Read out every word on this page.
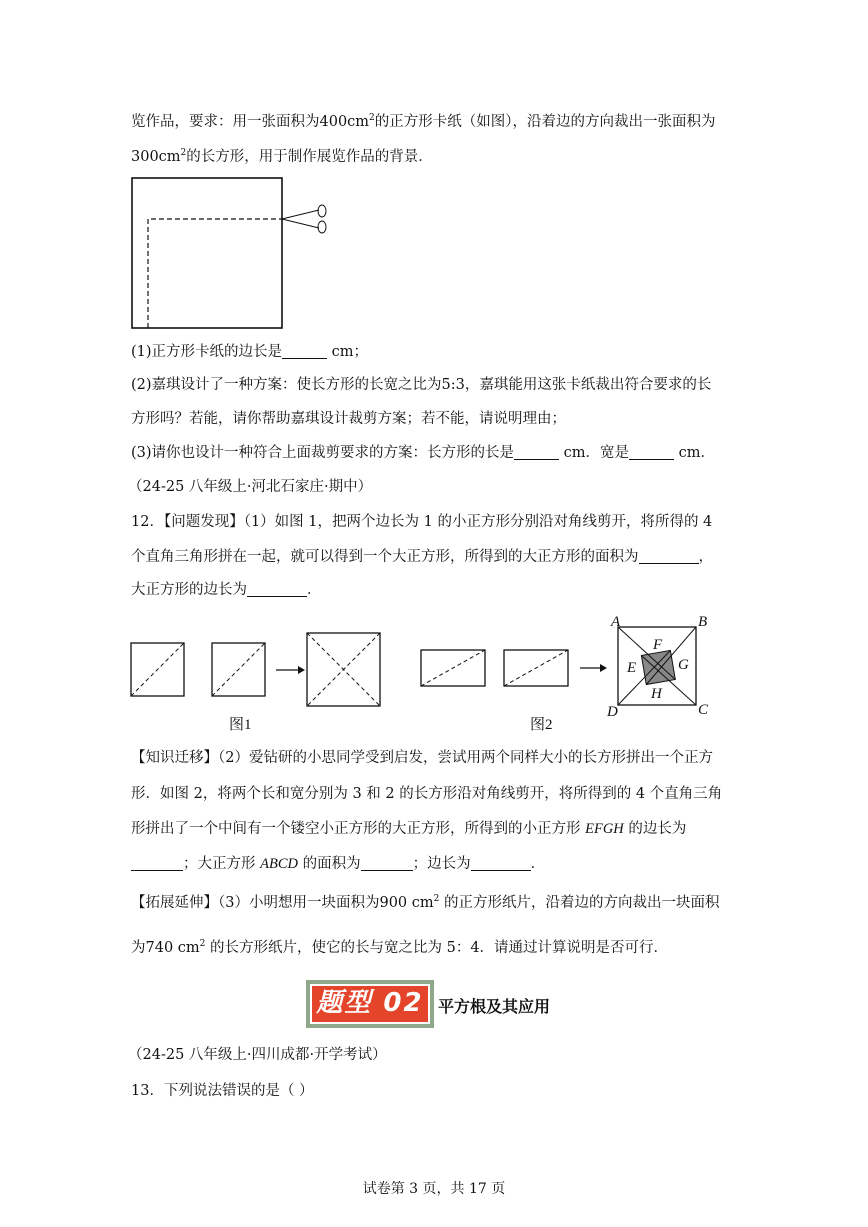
览作品，要求：用一张面积为$400cm^2$的正方形卡纸（如图），沿着边的方向裁出一张面积为
$300cm^2$的长方形，用于制作展览作品的背景．
(1)正方形卡纸的边长是	cm；
(2)嘉琪设计了一种方案：使长方形的长宽之比为5:3，嘉琪能用这张卡纸裁出符合要求的长
方形吗？若能，请你帮助嘉琪设计裁剪方案；若不能，请说明理由；
(3)请你也设计一种符合上面裁剪要求的方案：长方形的长是	cm．宽是	cm．
（24-25 八年级上·河北石家庄·期中）
12．【问题发现】（1）如图 1，把两个边长为 1 的小正方形分别沿对角线剪开，将所得的 4
个直角三角形拼在一起，就可以得到一个大正方形，所得到的大正方形的面积为	，
大正方形的边长为	．
图1
A	B
C
D
E
F
G
H
图2
【知识迁移】（2）爱钻研的小思同学受到启发，尝试用两个同样大小的长方形拼出一个正方
形．如图 2，将两个长和宽分别为 3 和 2 的长方形沿对角线剪开，将所得到的 4 个直角三角
形拼出了一个中间有一个镂空小正方形的大正方形，所得到的小正方形 EFGH 的边长为
；大正方形 ABCD 的面积为	；边长为	．
【拓展延伸】（3）小明想用一块面积为900 $cm^2$ 的正方形纸片，沿着边的方向裁出一块面积
为740 $cm^2$ 的长方形纸片，使它的长与宽之比为 5：4．请通过计算说明是否可行．
题型 02 平方根及其应用
（24-25 八年级上·四川成都·开学考试）
13．下列说法错误的是（ ）
试卷第 3 页，共 17 页
